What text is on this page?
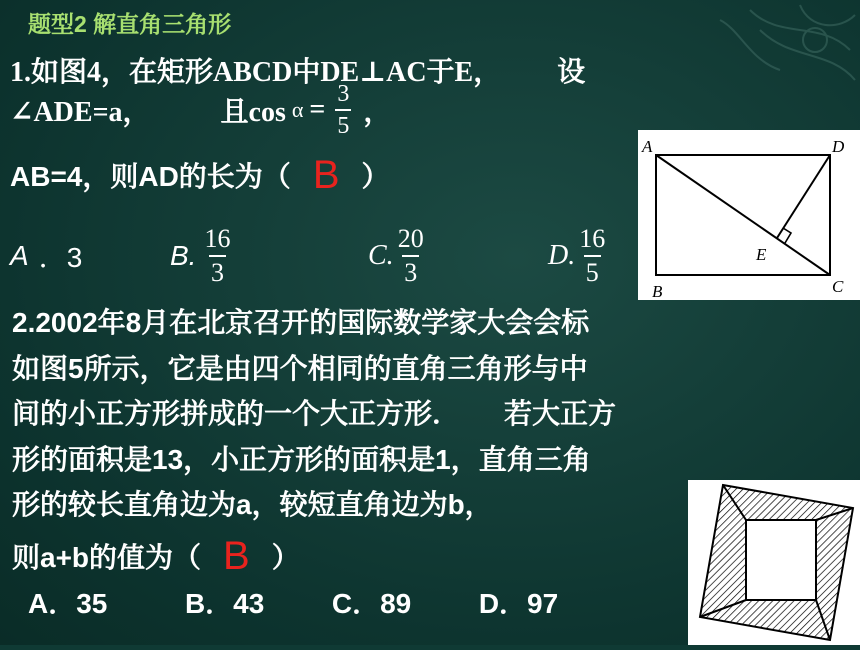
题型2 解直角三角形
1.如图4，在矩形ABCD中DE⊥AC于E， 设
∠ADE=a，	且$\cos \alpha = \frac{3}{5}$ ，
AB=4，则AD的长为（ B ）
A ．3	B. $\frac{16}{3}$	C. $\frac{20}{3}$	D. $\frac{16}{5}$
A	D
B	C
E
2.2002年8月在北京召开的国际数学家大会会标
如图5所示，它是由四个相同的直角三角形与中
间的小正方形拼成的一个大正方形． 若大正方
形的面积是13，小正方形的面积是1，直角三角
形的较长直角边为a，较短直角边为b，
则a+b的值为（ B ）
A．35	B．43 C．89 D．97
